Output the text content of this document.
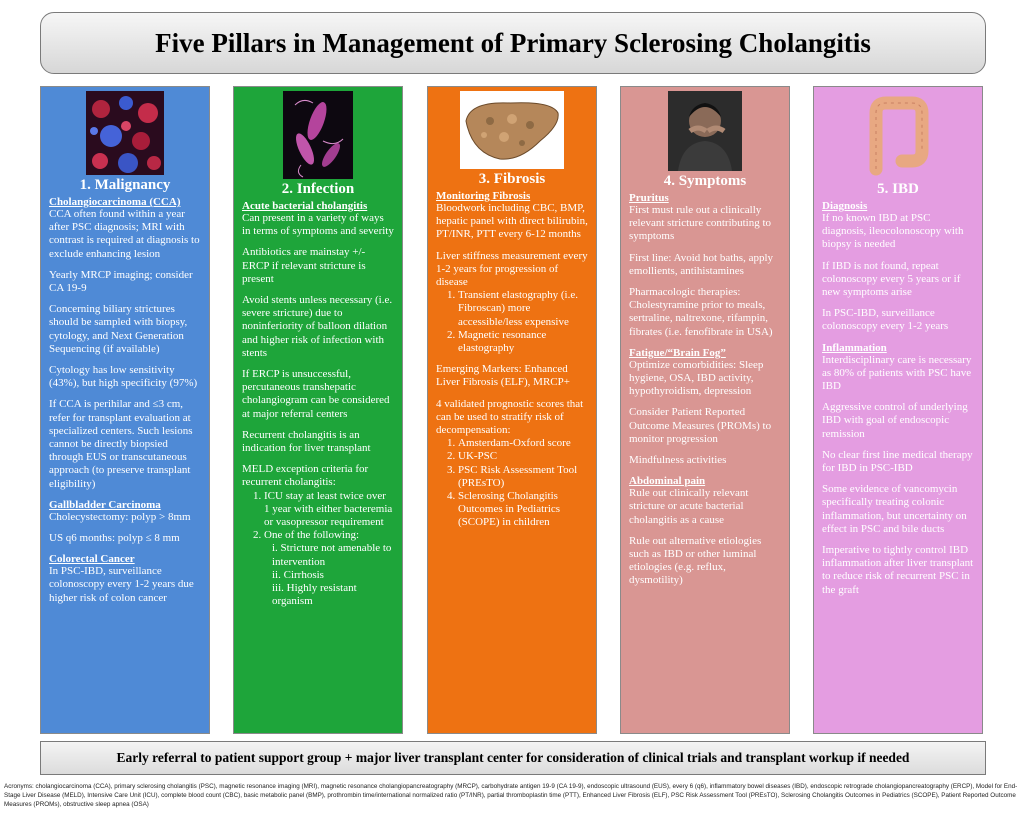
Five Pillars in Management of Primary Sclerosing Cholangitis
1. Malignancy
Cholangiocarcinoma (CCA)

CCA often found within a year after PSC diagnosis; MRI with contrast is required at diagnosis to exclude enhancing lesion

Yearly MRCP imaging; consider CA 19-9

Concerning biliary strictures should be sampled with biopsy, cytology, and Next Generation Sequencing (if available)

Cytology has low sensitivity (43%), but high specificity (97%)

If CCA is perihilar and ≤3 cm, refer for transplant evaluation at specialized centers. Such lesions cannot be directly biopsied through EUS or transcutaneous approach (to preserve transplant eligibility)

Gallbladder Carcinoma

Cholecystectomy: polyp > 8mm

US q6 months: polyp ≤ 8 mm

Colorectal Cancer

In PSC-IBD, surveillance colonoscopy every 1-2 years due higher risk of colon cancer

2. Infection
Acute bacterial cholangitis

Can present in a variety of ways in terms of symptoms and severity

Antibiotics are mainstay +/- ERCP if relevant stricture is present

Avoid stents unless necessary (i.e. severe stricture) due to noninferiority of balloon dilation and higher risk of infection with stents

If ERCP is unsuccessful, percutaneous transhepatic cholangiogram can be considered at major referral centers

Recurrent cholangitis is an indication for liver transplant

MELD exception criteria for recurrent cholangitis:

1. ICU stay at least twice over 1 year with either bacteremia or vasopressor requirement
2. One of the following:
i. Stricture not amenable to intervention
ii. Cirrhosis
iii. Highly resistant organism
3. Fibrosis
Monitoring Fibrosis

Bloodwork including CBC, BMP, hepatic panel with direct bilirubin, PT/INR, PTT every 6-12 months

Liver stiffness measurement every 1-2 years for progression of disease

1. Transient elastography (i.e. Fibroscan) more accessible/less expensive
2. Magnetic resonance elastography

Emerging Markers: Enhanced Liver Fibrosis (ELF), MRCP+

4 validated prognostic scores that can be used to stratify risk of decompensation:

1. Amsterdam-Oxford score
2. UK-PSC
3. PSC Risk Assessment Tool (PREsTO)
4. Sclerosing Cholangitis Outcomes in Pediatrics (SCOPE) in children
4. Symptoms
Pruritus

First must rule out a clinically relevant stricture contributing to symptoms

First line: Avoid hot baths, apply emollients, antihistamines

Pharmacologic therapies: Cholestyramine prior to meals, sertraline, naltrexone, rifampin, fibrates (i.e. fenofibrate in USA)

Fatigue/“Brain Fog”

Optimize comorbidities: Sleep hygiene, OSA, IBD activity, hypothyroidism, depression

Consider Patient Reported Outcome Measures (PROMs) to monitor progression

Mindfulness activities

Abdominal pain

Rule out clinically relevant stricture or acute bacterial cholangitis as a cause

Rule out alternative etiologies such as IBD or other luminal etiologies (e.g. reflux, dysmotility)

5. IBD
Diagnosis

If no known IBD at PSC diagnosis, ileocolonoscopy with biopsy is needed

If IBD is not found, repeat colonoscopy every 5 years or if new symptoms arise

In PSC-IBD, surveillance colonoscopy every 1-2 years

Inflammation

Interdisciplinary care is necessary as 80% of patients with PSC have IBD

Aggressive control of underlying IBD with goal of endoscopic remission

No clear first line medical therapy for IBD in PSC-IBD

Some evidence of vancomycin specifically treating colonic inflammation, but uncertainty on effect in PSC and bile ducts

Imperative to tightly control IBD inflammation after liver transplant to reduce risk of recurrent PSC in the graft

Early referral to patient support group + major liver transplant center for consideration of clinical trials and transplant workup if needed
Acronyms: cholangiocarcinoma (CCA), primary sclerosing cholangitis (PSC), magnetic resonance imaging (MRI), magnetic resonance cholangiopancreatography (MRCP), carbohydrate antigen 19-9 (CA 19-9), endoscopic ultrasound (EUS), every 6 (q6), inflammatory bowel diseases (IBD), endoscopic retrograde cholangiopancreatography (ERCP), Model for End-Stage Liver Disease (MELD), Intensive Care Unit (ICU), complete blood count (CBC), basic metabolic panel (BMP), prothrombin time/international normalized ratio (PT/INR), partial thromboplastin time (PTT), Enhanced Liver Fibrosis (ELF), PSC Risk Assessment Tool (PREsTO), Sclerosing Cholangitis Outcomes in Pediatrics (SCOPE), Patient Reported Outcome Measures (PROMs), obstructive sleep apnea (OSA)
